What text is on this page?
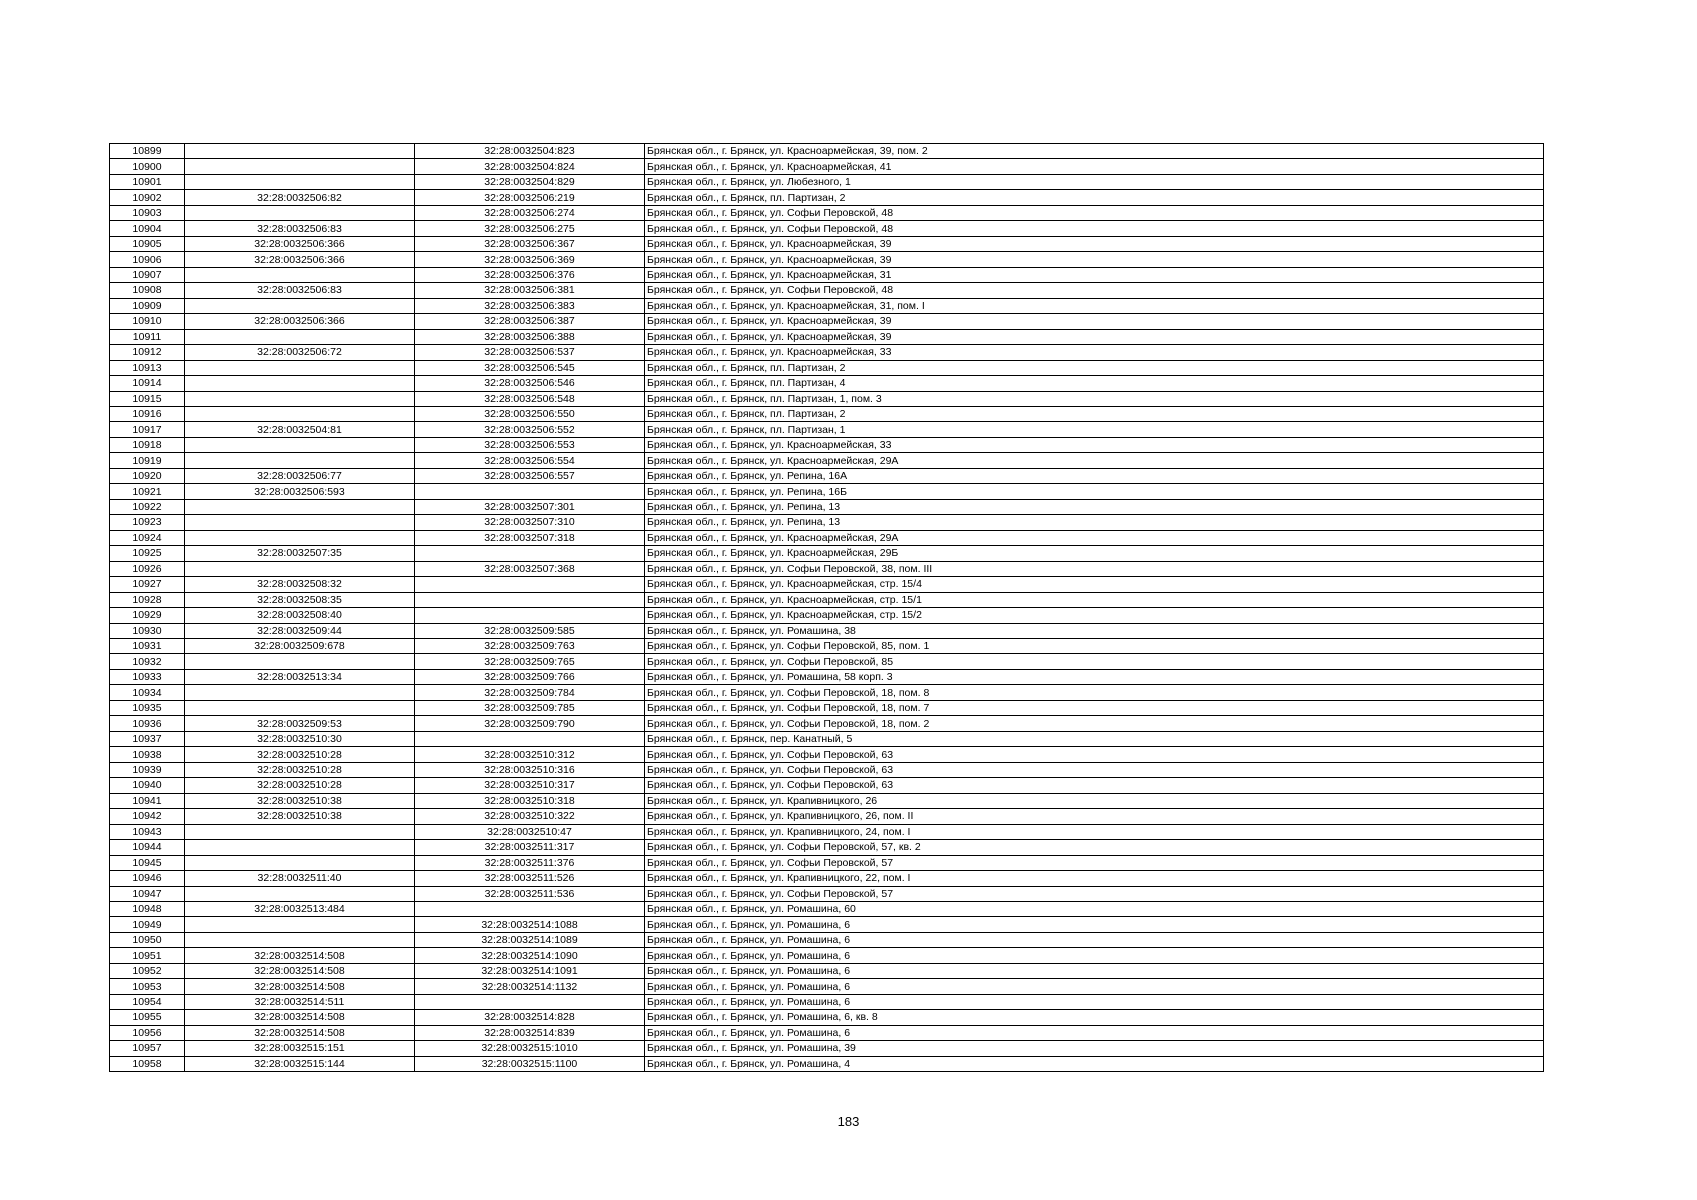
10899		32:28:0032504:823	Брянская обл., г. Брянск, ул. Красноармейская, 39, пом. 2
10900		32:28:0032504:824	Брянская обл., г. Брянск, ул. Красноармейская, 41
10901		32:28:0032504:829	Брянская обл., г. Брянск, ул. Любезного, 1
10902	32:28:0032506:82	32:28:0032506:219	Брянская обл., г. Брянск, пл. Партизан, 2
10903		32:28:0032506:274	Брянская обл., г. Брянск, ул. Софьи Перовской, 48
10904	32:28:0032506:83	32:28:0032506:275	Брянская обл., г. Брянск, ул. Софьи Перовской, 48
10905	32:28:0032506:366	32:28:0032506:367	Брянская обл., г. Брянск, ул. Красноармейская, 39
10906	32:28:0032506:366	32:28:0032506:369	Брянская обл., г. Брянск, ул. Красноармейская, 39
10907		32:28:0032506:376	Брянская обл., г. Брянск, ул. Красноармейская, 31
10908	32:28:0032506:83	32:28:0032506:381	Брянская обл., г. Брянск, ул. Софьи Перовской, 48
10909		32:28:0032506:383	Брянская обл., г. Брянск, ул. Красноармейская, 31, пом. I
10910	32:28:0032506:366	32:28:0032506:387	Брянская обл., г. Брянск, ул. Красноармейская, 39
10911		32:28:0032506:388	Брянская обл., г. Брянск, ул. Красноармейская, 39
10912	32:28:0032506:72	32:28:0032506:537	Брянская обл., г. Брянск, ул. Красноармейская, 33
10913		32:28:0032506:545	Брянская обл., г. Брянск, пл. Партизан, 2
10914		32:28:0032506:546	Брянская обл., г. Брянск, пл. Партизан, 4
10915		32:28:0032506:548	Брянская обл., г. Брянск, пл. Партизан, 1, пом. 3
10916		32:28:0032506:550	Брянская обл., г. Брянск, пл. Партизан, 2
10917	32:28:0032504:81	32:28:0032506:552	Брянская обл., г. Брянск, пл. Партизан, 1
10918		32:28:0032506:553	Брянская обл., г. Брянск, ул. Красноармейская, 33
10919		32:28:0032506:554	Брянская обл., г. Брянск, ул. Красноармейская, 29А
10920	32:28:0032506:77	32:28:0032506:557	Брянская обл., г. Брянск, ул. Репина, 16А
10921	32:28:0032506:593		Брянская обл., г. Брянск, ул. Репина, 16Б
10922		32:28:0032507:301	Брянская обл., г. Брянск, ул. Репина, 13
10923		32:28:0032507:310	Брянская обл., г. Брянск, ул. Репина, 13
10924		32:28:0032507:318	Брянская обл., г. Брянск, ул. Красноармейская, 29А
10925	32:28:0032507:35		Брянская обл., г. Брянск, ул. Красноармейская, 29Б
10926		32:28:0032507:368	Брянская обл., г. Брянск, ул. Софьи Перовской, 38, пом. III
10927	32:28:0032508:32		Брянская обл., г. Брянск, ул. Красноармейская, стр. 15/4
10928	32:28:0032508:35		Брянская обл., г. Брянск, ул. Красноармейская, стр. 15/1
10929	32:28:0032508:40		Брянская обл., г. Брянск, ул. Красноармейская, стр. 15/2
10930	32:28:0032509:44	32:28:0032509:585	Брянская обл., г. Брянск, ул. Ромашина, 38
10931	32:28:0032509:678	32:28:0032509:763	Брянская обл., г. Брянск, ул. Софьи Перовской, 85, пом. 1
10932		32:28:0032509:765	Брянская обл., г. Брянск, ул. Софьи Перовской, 85
10933	32:28:0032513:34	32:28:0032509:766	Брянская обл., г. Брянск, ул. Ромашина, 58 корп. 3
10934		32:28:0032509:784	Брянская обл., г. Брянск, ул. Софьи Перовской, 18, пом. 8
10935		32:28:0032509:785	Брянская обл., г. Брянск, ул. Софьи Перовской, 18, пом. 7
10936	32:28:0032509:53	32:28:0032509:790	Брянская обл., г. Брянск, ул. Софьи Перовской, 18, пом. 2
10937	32:28:0032510:30		Брянская обл., г. Брянск, пер. Канатный, 5
10938	32:28:0032510:28	32:28:0032510:312	Брянская обл., г. Брянск, ул. Софьи Перовской, 63
10939	32:28:0032510:28	32:28:0032510:316	Брянская обл., г. Брянск, ул. Софьи Перовской, 63
10940	32:28:0032510:28	32:28:0032510:317	Брянская обл., г. Брянск, ул. Софьи Перовской, 63
10941	32:28:0032510:38	32:28:0032510:318	Брянская обл., г. Брянск, ул. Крапивницкого, 26
10942	32:28:0032510:38	32:28:0032510:322	Брянская обл., г. Брянск, ул. Крапивницкого, 26, пом. II
10943		32:28:0032510:47	Брянская обл., г. Брянск, ул. Крапивницкого, 24, пом. I
10944		32:28:0032511:317	Брянская обл., г. Брянск, ул. Софьи Перовской, 57, кв. 2
10945		32:28:0032511:376	Брянская обл., г. Брянск, ул. Софьи Перовской, 57
10946	32:28:0032511:40	32:28:0032511:526	Брянская обл., г. Брянск, ул. Крапивницкого, 22, пом. I
10947		32:28:0032511:536	Брянская обл., г. Брянск, ул. Софьи Перовской, 57
10948	32:28:0032513:484		Брянская обл., г. Брянск, ул. Ромашина, 60
10949		32:28:0032514:1088	Брянская обл., г. Брянск, ул. Ромашина, 6
10950		32:28:0032514:1089	Брянская обл., г. Брянск, ул. Ромашина, 6
10951	32:28:0032514:508	32:28:0032514:1090	Брянская обл., г. Брянск, ул. Ромашина, 6
10952	32:28:0032514:508	32:28:0032514:1091	Брянская обл., г. Брянск, ул. Ромашина, 6
10953	32:28:0032514:508	32:28:0032514:1132	Брянская обл., г. Брянск, ул. Ромашина, 6
10954	32:28:0032514:511		Брянская обл., г. Брянск, ул. Ромашина, 6
10955	32:28:0032514:508	32:28:0032514:828	Брянская обл., г. Брянск, ул. Ромашина, 6, кв. 8
10956	32:28:0032514:508	32:28:0032514:839	Брянская обл., г. Брянск, ул. Ромашина, 6
10957	32:28:0032515:151	32:28:0032515:1010	Брянская обл., г. Брянск, ул. Ромашина, 39
10958	32:28:0032515:144	32:28:0032515:1100	Брянская обл., г. Брянск, ул. Ромашина, 4
183
